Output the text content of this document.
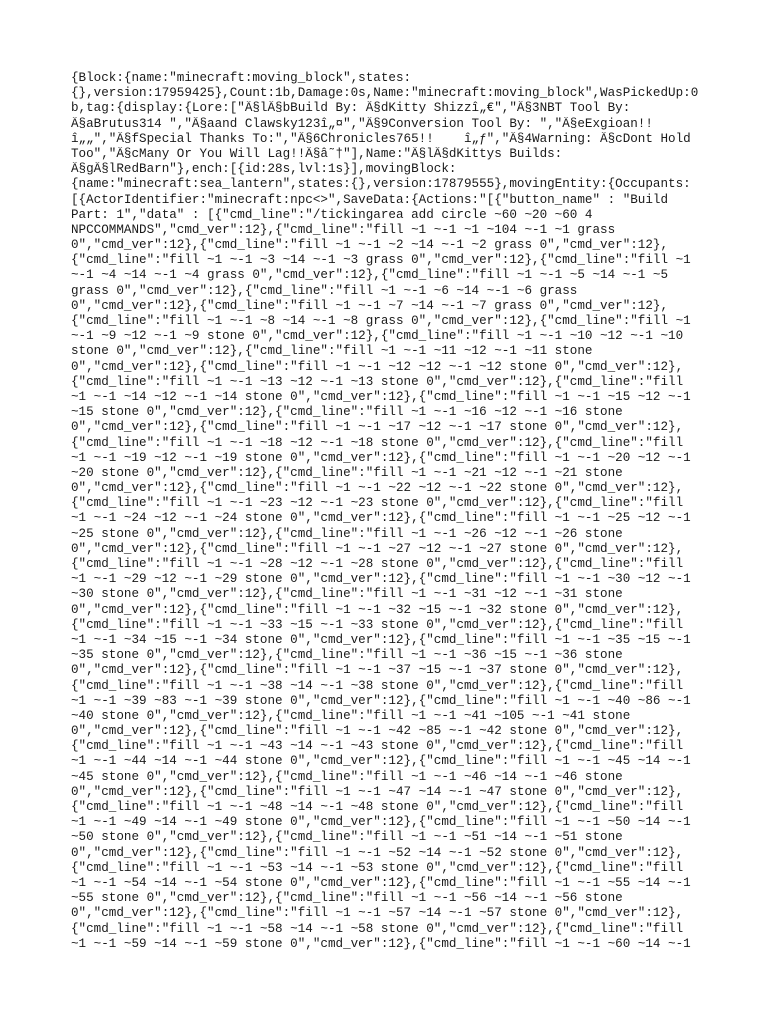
{Block:{name:"minecraft:moving_block",states:
{},version:17959425},Count:1b,Damage:0s,Name:"minecraft:moving_block",WasPickedUp:0
b,tag:{display:{Lore:["Â§lÂ§bBuild By: Â§dKitty Shizzî„€","Â§3NBT Tool By:
Â§aBrutus314 ","Â§aand Clawsky123î„¤","Â§9Conversion Tool By: ","Â§eExgioan!!
î„„","Â§fSpecial Thanks To:","Â§6Chronicles765!!    î„ƒ","Â§4Warning: Â§cDont Hold
Too","Â§cMany Or You Will Lag!!Â§â˜†"],Name:"Â§lÂ§dKittys Builds:
Â§gÂ§lRedBarn"},ench:[{id:28s,lvl:1s}],movingBlock:
{name:"minecraft:sea_lantern",states:{},version:17879555},movingEntity:{Occupants:
[{ActorIdentifier:"minecraft:npc<>",SaveData:{Actions:"[{"button_name" : "Build
Part: 1","data" : [{"cmd_line":"/tickingarea add circle ~60 ~20 ~60 4
NPCCOMMANDS","cmd_ver":12},{"cmd_line":"fill ~1 ~-1 ~1 ~104 ~-1 ~1 grass
0","cmd_ver":12},{"cmd_line":"fill ~1 ~-1 ~2 ~14 ~-1 ~2 grass 0","cmd_ver":12},
{"cmd_line":"fill ~1 ~-1 ~3 ~14 ~-1 ~3 grass 0","cmd_ver":12},{"cmd_line":"fill ~1
~-1 ~4 ~14 ~-1 ~4 grass 0","cmd_ver":12},{"cmd_line":"fill ~1 ~-1 ~5 ~14 ~-1 ~5
grass 0","cmd_ver":12},{"cmd_line":"fill ~1 ~-1 ~6 ~14 ~-1 ~6 grass
0","cmd_ver":12},{"cmd_line":"fill ~1 ~-1 ~7 ~14 ~-1 ~7 grass 0","cmd_ver":12},
{"cmd_line":"fill ~1 ~-1 ~8 ~14 ~-1 ~8 grass 0","cmd_ver":12},{"cmd_line":"fill ~1
~-1 ~9 ~12 ~-1 ~9 stone 0","cmd_ver":12},{"cmd_line":"fill ~1 ~-1 ~10 ~12 ~-1 ~10
stone 0","cmd_ver":12},{"cmd_line":"fill ~1 ~-1 ~11 ~12 ~-1 ~11 stone
0","cmd_ver":12},{"cmd_line":"fill ~1 ~-1 ~12 ~12 ~-1 ~12 stone 0","cmd_ver":12},
{"cmd_line":"fill ~1 ~-1 ~13 ~12 ~-1 ~13 stone 0","cmd_ver":12},{"cmd_line":"fill
~1 ~-1 ~14 ~12 ~-1 ~14 stone 0","cmd_ver":12},{"cmd_line":"fill ~1 ~-1 ~15 ~12 ~-1
~15 stone 0","cmd_ver":12},{"cmd_line":"fill ~1 ~-1 ~16 ~12 ~-1 ~16 stone
0","cmd_ver":12},{"cmd_line":"fill ~1 ~-1 ~17 ~12 ~-1 ~17 stone 0","cmd_ver":12},
{"cmd_line":"fill ~1 ~-1 ~18 ~12 ~-1 ~18 stone 0","cmd_ver":12},{"cmd_line":"fill
~1 ~-1 ~19 ~12 ~-1 ~19 stone 0","cmd_ver":12},{"cmd_line":"fill ~1 ~-1 ~20 ~12 ~-1
~20 stone 0","cmd_ver":12},{"cmd_line":"fill ~1 ~-1 ~21 ~12 ~-1 ~21 stone
0","cmd_ver":12},{"cmd_line":"fill ~1 ~-1 ~22 ~12 ~-1 ~22 stone 0","cmd_ver":12},
{"cmd_line":"fill ~1 ~-1 ~23 ~12 ~-1 ~23 stone 0","cmd_ver":12},{"cmd_line":"fill
~1 ~-1 ~24 ~12 ~-1 ~24 stone 0","cmd_ver":12},{"cmd_line":"fill ~1 ~-1 ~25 ~12 ~-1
~25 stone 0","cmd_ver":12},{"cmd_line":"fill ~1 ~-1 ~26 ~12 ~-1 ~26 stone
0","cmd_ver":12},{"cmd_line":"fill ~1 ~-1 ~27 ~12 ~-1 ~27 stone 0","cmd_ver":12},
{"cmd_line":"fill ~1 ~-1 ~28 ~12 ~-1 ~28 stone 0","cmd_ver":12},{"cmd_line":"fill
~1 ~-1 ~29 ~12 ~-1 ~29 stone 0","cmd_ver":12},{"cmd_line":"fill ~1 ~-1 ~30 ~12 ~-1
~30 stone 0","cmd_ver":12},{"cmd_line":"fill ~1 ~-1 ~31 ~12 ~-1 ~31 stone
0","cmd_ver":12},{"cmd_line":"fill ~1 ~-1 ~32 ~15 ~-1 ~32 stone 0","cmd_ver":12},
{"cmd_line":"fill ~1 ~-1 ~33 ~15 ~-1 ~33 stone 0","cmd_ver":12},{"cmd_line":"fill
~1 ~-1 ~34 ~15 ~-1 ~34 stone 0","cmd_ver":12},{"cmd_line":"fill ~1 ~-1 ~35 ~15 ~-1
~35 stone 0","cmd_ver":12},{"cmd_line":"fill ~1 ~-1 ~36 ~15 ~-1 ~36 stone
0","cmd_ver":12},{"cmd_line":"fill ~1 ~-1 ~37 ~15 ~-1 ~37 stone 0","cmd_ver":12},
{"cmd_line":"fill ~1 ~-1 ~38 ~14 ~-1 ~38 stone 0","cmd_ver":12},{"cmd_line":"fill
~1 ~-1 ~39 ~83 ~-1 ~39 stone 0","cmd_ver":12},{"cmd_line":"fill ~1 ~-1 ~40 ~86 ~-1
~40 stone 0","cmd_ver":12},{"cmd_line":"fill ~1 ~-1 ~41 ~105 ~-1 ~41 stone
0","cmd_ver":12},{"cmd_line":"fill ~1 ~-1 ~42 ~85 ~-1 ~42 stone 0","cmd_ver":12},
{"cmd_line":"fill ~1 ~-1 ~43 ~14 ~-1 ~43 stone 0","cmd_ver":12},{"cmd_line":"fill
~1 ~-1 ~44 ~14 ~-1 ~44 stone 0","cmd_ver":12},{"cmd_line":"fill ~1 ~-1 ~45 ~14 ~-1
~45 stone 0","cmd_ver":12},{"cmd_line":"fill ~1 ~-1 ~46 ~14 ~-1 ~46 stone
0","cmd_ver":12},{"cmd_line":"fill ~1 ~-1 ~47 ~14 ~-1 ~47 stone 0","cmd_ver":12},
{"cmd_line":"fill ~1 ~-1 ~48 ~14 ~-1 ~48 stone 0","cmd_ver":12},{"cmd_line":"fill
~1 ~-1 ~49 ~14 ~-1 ~49 stone 0","cmd_ver":12},{"cmd_line":"fill ~1 ~-1 ~50 ~14 ~-1
~50 stone 0","cmd_ver":12},{"cmd_line":"fill ~1 ~-1 ~51 ~14 ~-1 ~51 stone
0","cmd_ver":12},{"cmd_line":"fill ~1 ~-1 ~52 ~14 ~-1 ~52 stone 0","cmd_ver":12},
{"cmd_line":"fill ~1 ~-1 ~53 ~14 ~-1 ~53 stone 0","cmd_ver":12},{"cmd_line":"fill
~1 ~-1 ~54 ~14 ~-1 ~54 stone 0","cmd_ver":12},{"cmd_line":"fill ~1 ~-1 ~55 ~14 ~-1
~55 stone 0","cmd_ver":12},{"cmd_line":"fill ~1 ~-1 ~56 ~14 ~-1 ~56 stone
0","cmd_ver":12},{"cmd_line":"fill ~1 ~-1 ~57 ~14 ~-1 ~57 stone 0","cmd_ver":12},
{"cmd_line":"fill ~1 ~-1 ~58 ~14 ~-1 ~58 stone 0","cmd_ver":12},{"cmd_line":"fill
~1 ~-1 ~59 ~14 ~-1 ~59 stone 0","cmd_ver":12},{"cmd_line":"fill ~1 ~-1 ~60 ~14 ~-1
